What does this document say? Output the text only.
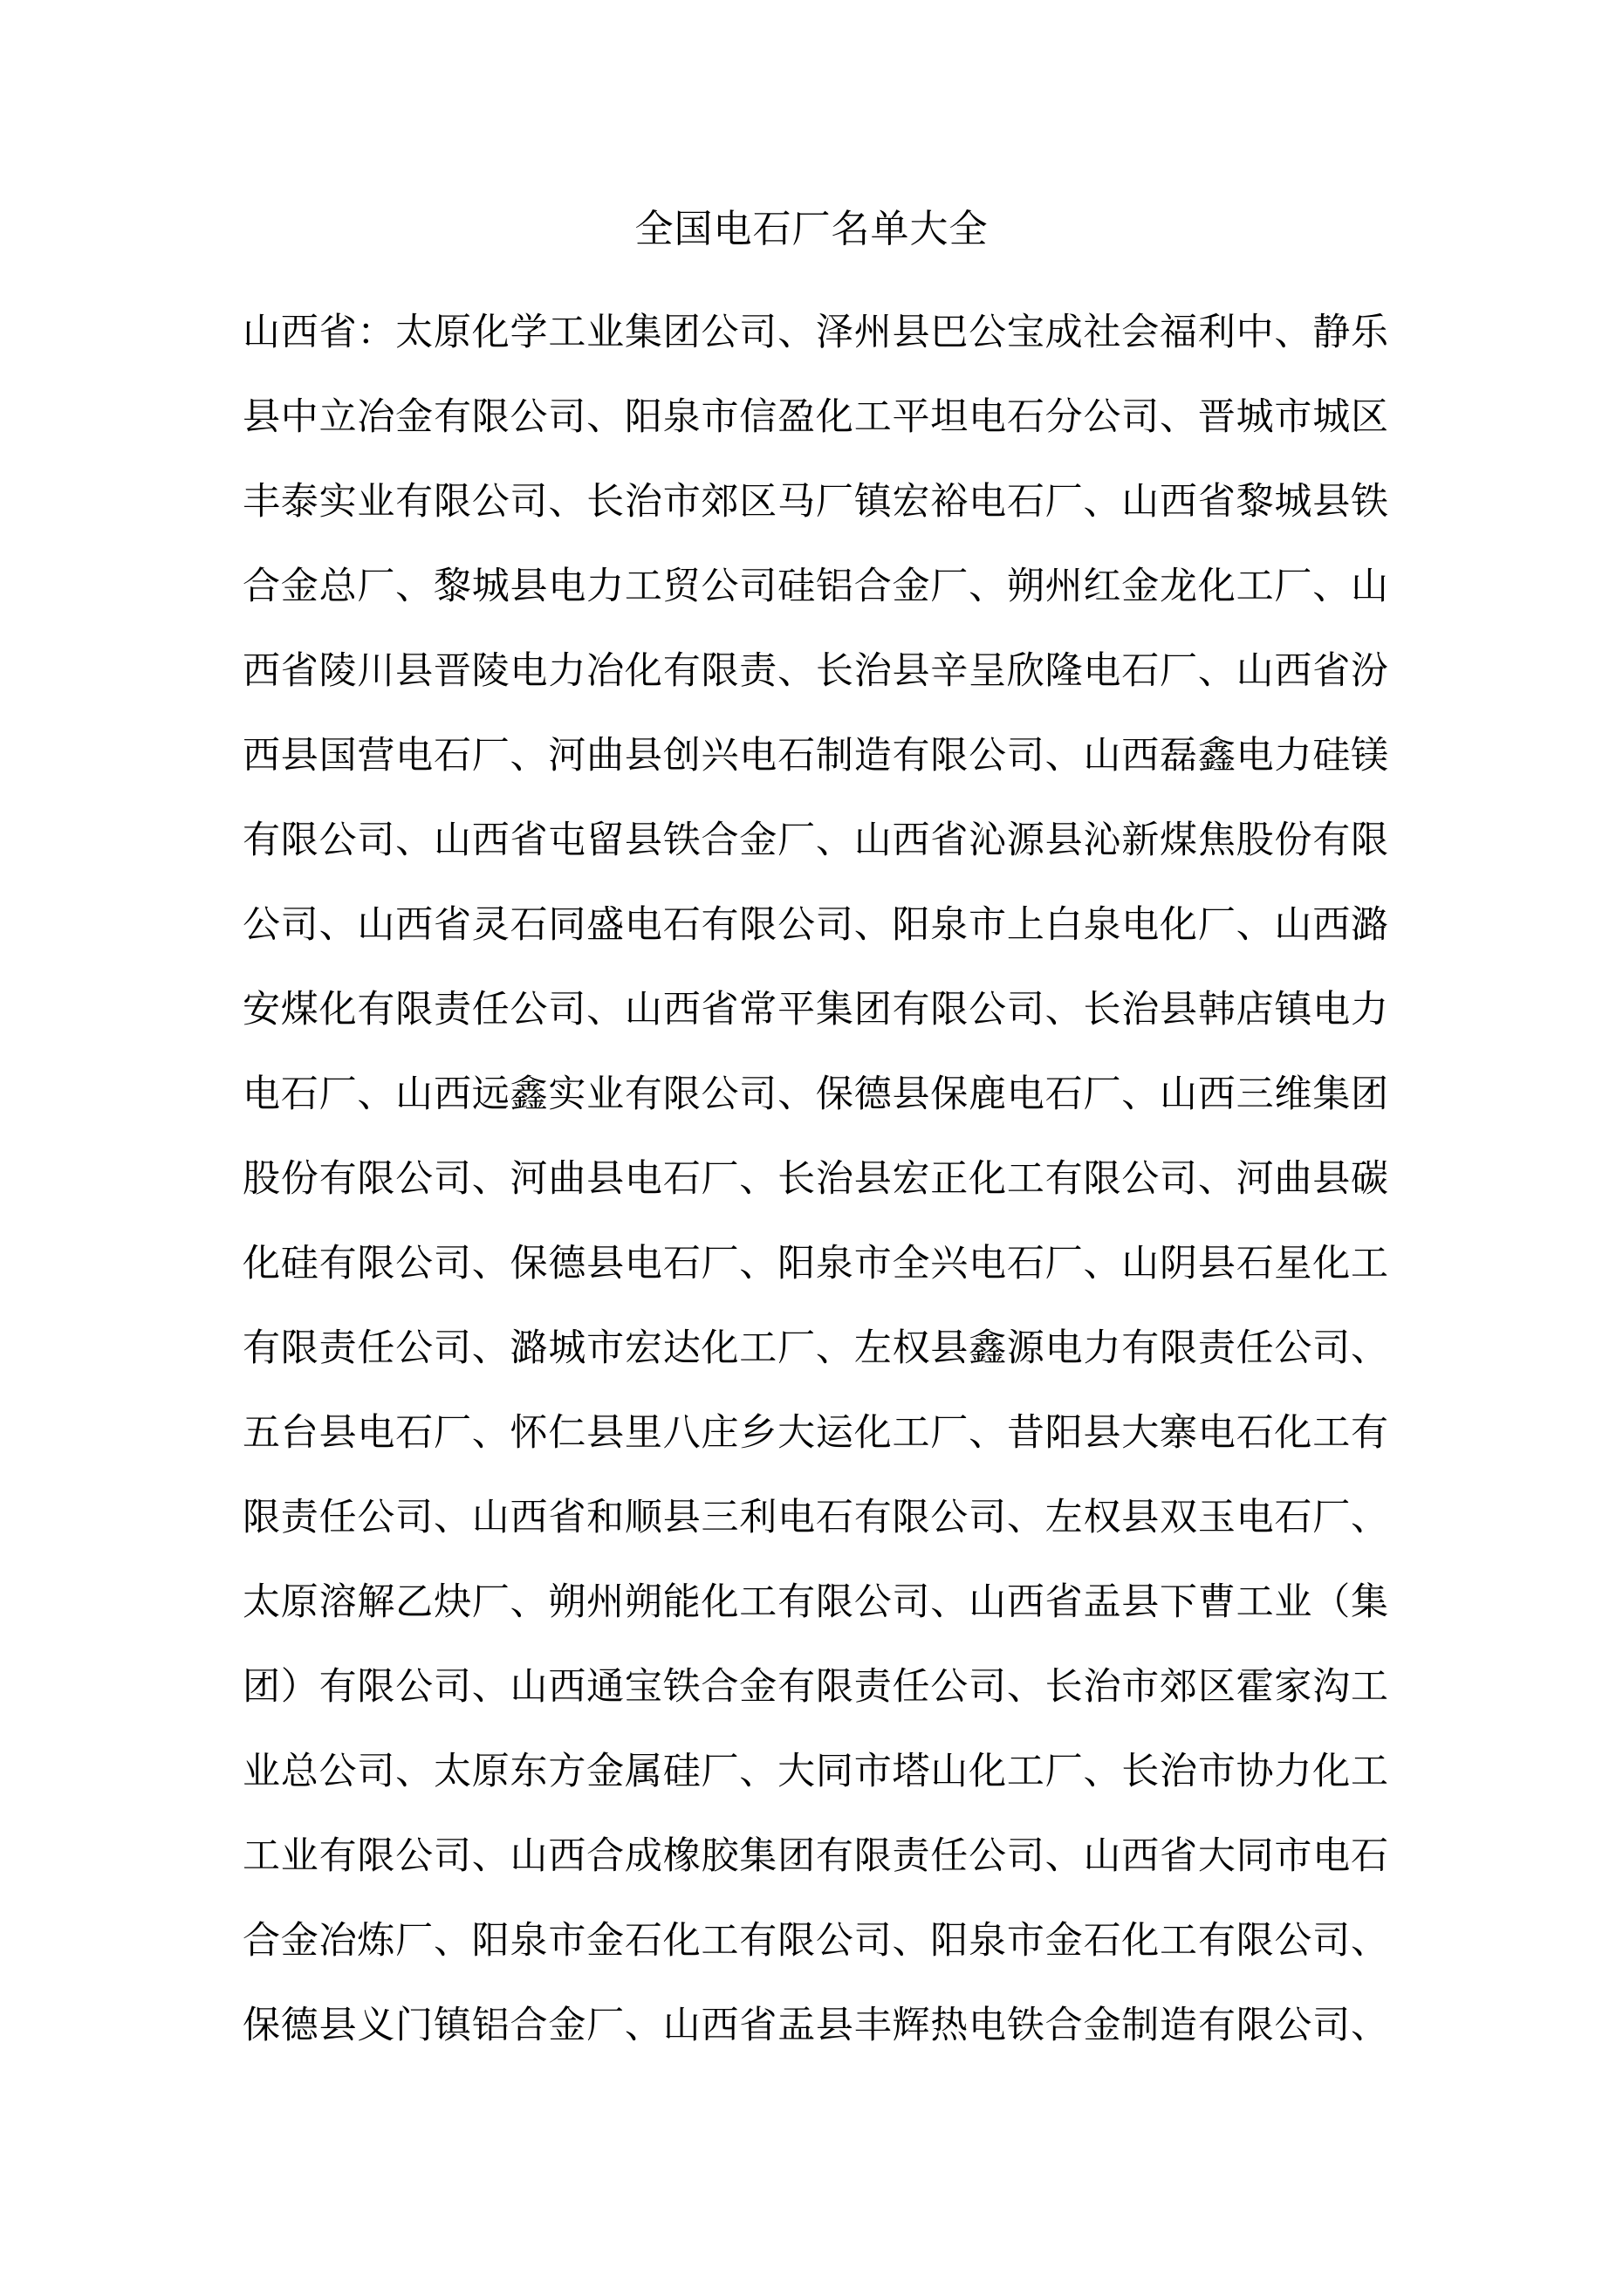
全国电石厂名单大全
山西省：太原化学工业集团公司、泽州县巴公宝成社会福利中、静乐
县中立冶金有限公司、阳泉市信盈化工平坦电石分公司、晋城市城区
丰泰实业有限公司、长治市郊区马厂镇宏裕电石厂、山西省黎城县铁
合金总厂、黎城县电力工贸公司硅铝合金厂、朔州红金龙化工厂、山
西省陵川县晋陵电力冶化有限责、长治县辛呈欣隆电石厂、山西省汾
西县国营电石厂、河曲县创兴电石制造有限公司、山西磊鑫电力硅镁
有限公司、山西省屯留县铁合金厂、山西省沁源县沁新煤焦股份有限
公司、山西省灵石同盛电石有限公司、阳泉市上白泉电化厂、山西潞
安煤化有限责任公司、山西省常平集团有限公司、长治县韩店镇电力
电石厂、山西远鑫实业有限公司、保德县保鹿电石厂、山西三维集团
股份有限公司、河曲县电石厂、长治县宏正化工有限公司、河曲县碳
化硅有限公司、保德县电石厂、阳泉市全兴电石厂、山阴县石星化工
有限责任公司、潞城市宏达化工厂、左权县鑫源电力有限责任公司、
五台县电石厂、怀仁县里八庄乡大运化工厂、昔阳县大寨电石化工有
限责任公司、山西省和顺县三利电石有限公司、左权县双玉电石厂、
太原溶解乙炔厂、朔州朔能化工有限公司、山西省盂县下曹工业（集
团）有限公司、山西通宝铁合金有限责任公司、长治市郊区霍家沟工
业总公司、太原东方金属硅厂、大同市塔山化工厂、长治市协力化工
工业有限公司、山西合成橡胶集团有限责任公司、山西省大同市电石
合金冶炼厂、阳泉市金石化工有限公司、阳泉市金石化工有限公司、
保德县义门镇铝合金厂、山西省盂县丰辉热电铁合金制造有限公司、
